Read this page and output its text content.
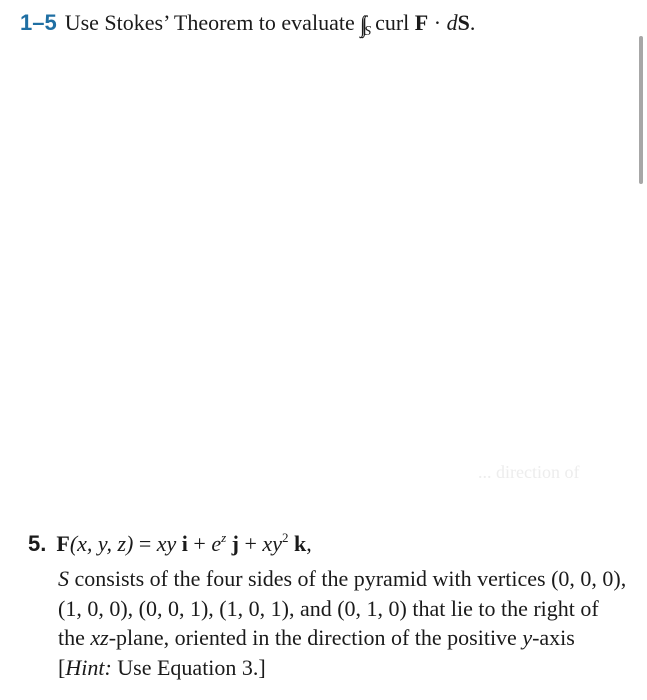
1–5 Use Stokes’ Theorem to evaluate $\int\int_S$ curl F · dS.
... direction of
5. F(x, y, z) = xy $i + e^z$ $j + xy^2$ k,
S consists of the four sides of the pyramid with vertices (0, 0, 0), (1, 0, 0), (0, 0, 1), (1, 0, 1), and (0, 1, 0) that lie to the right of the xz-plane, oriented in the direction of the positive y-axis [Hint: Use Equation 3.]
